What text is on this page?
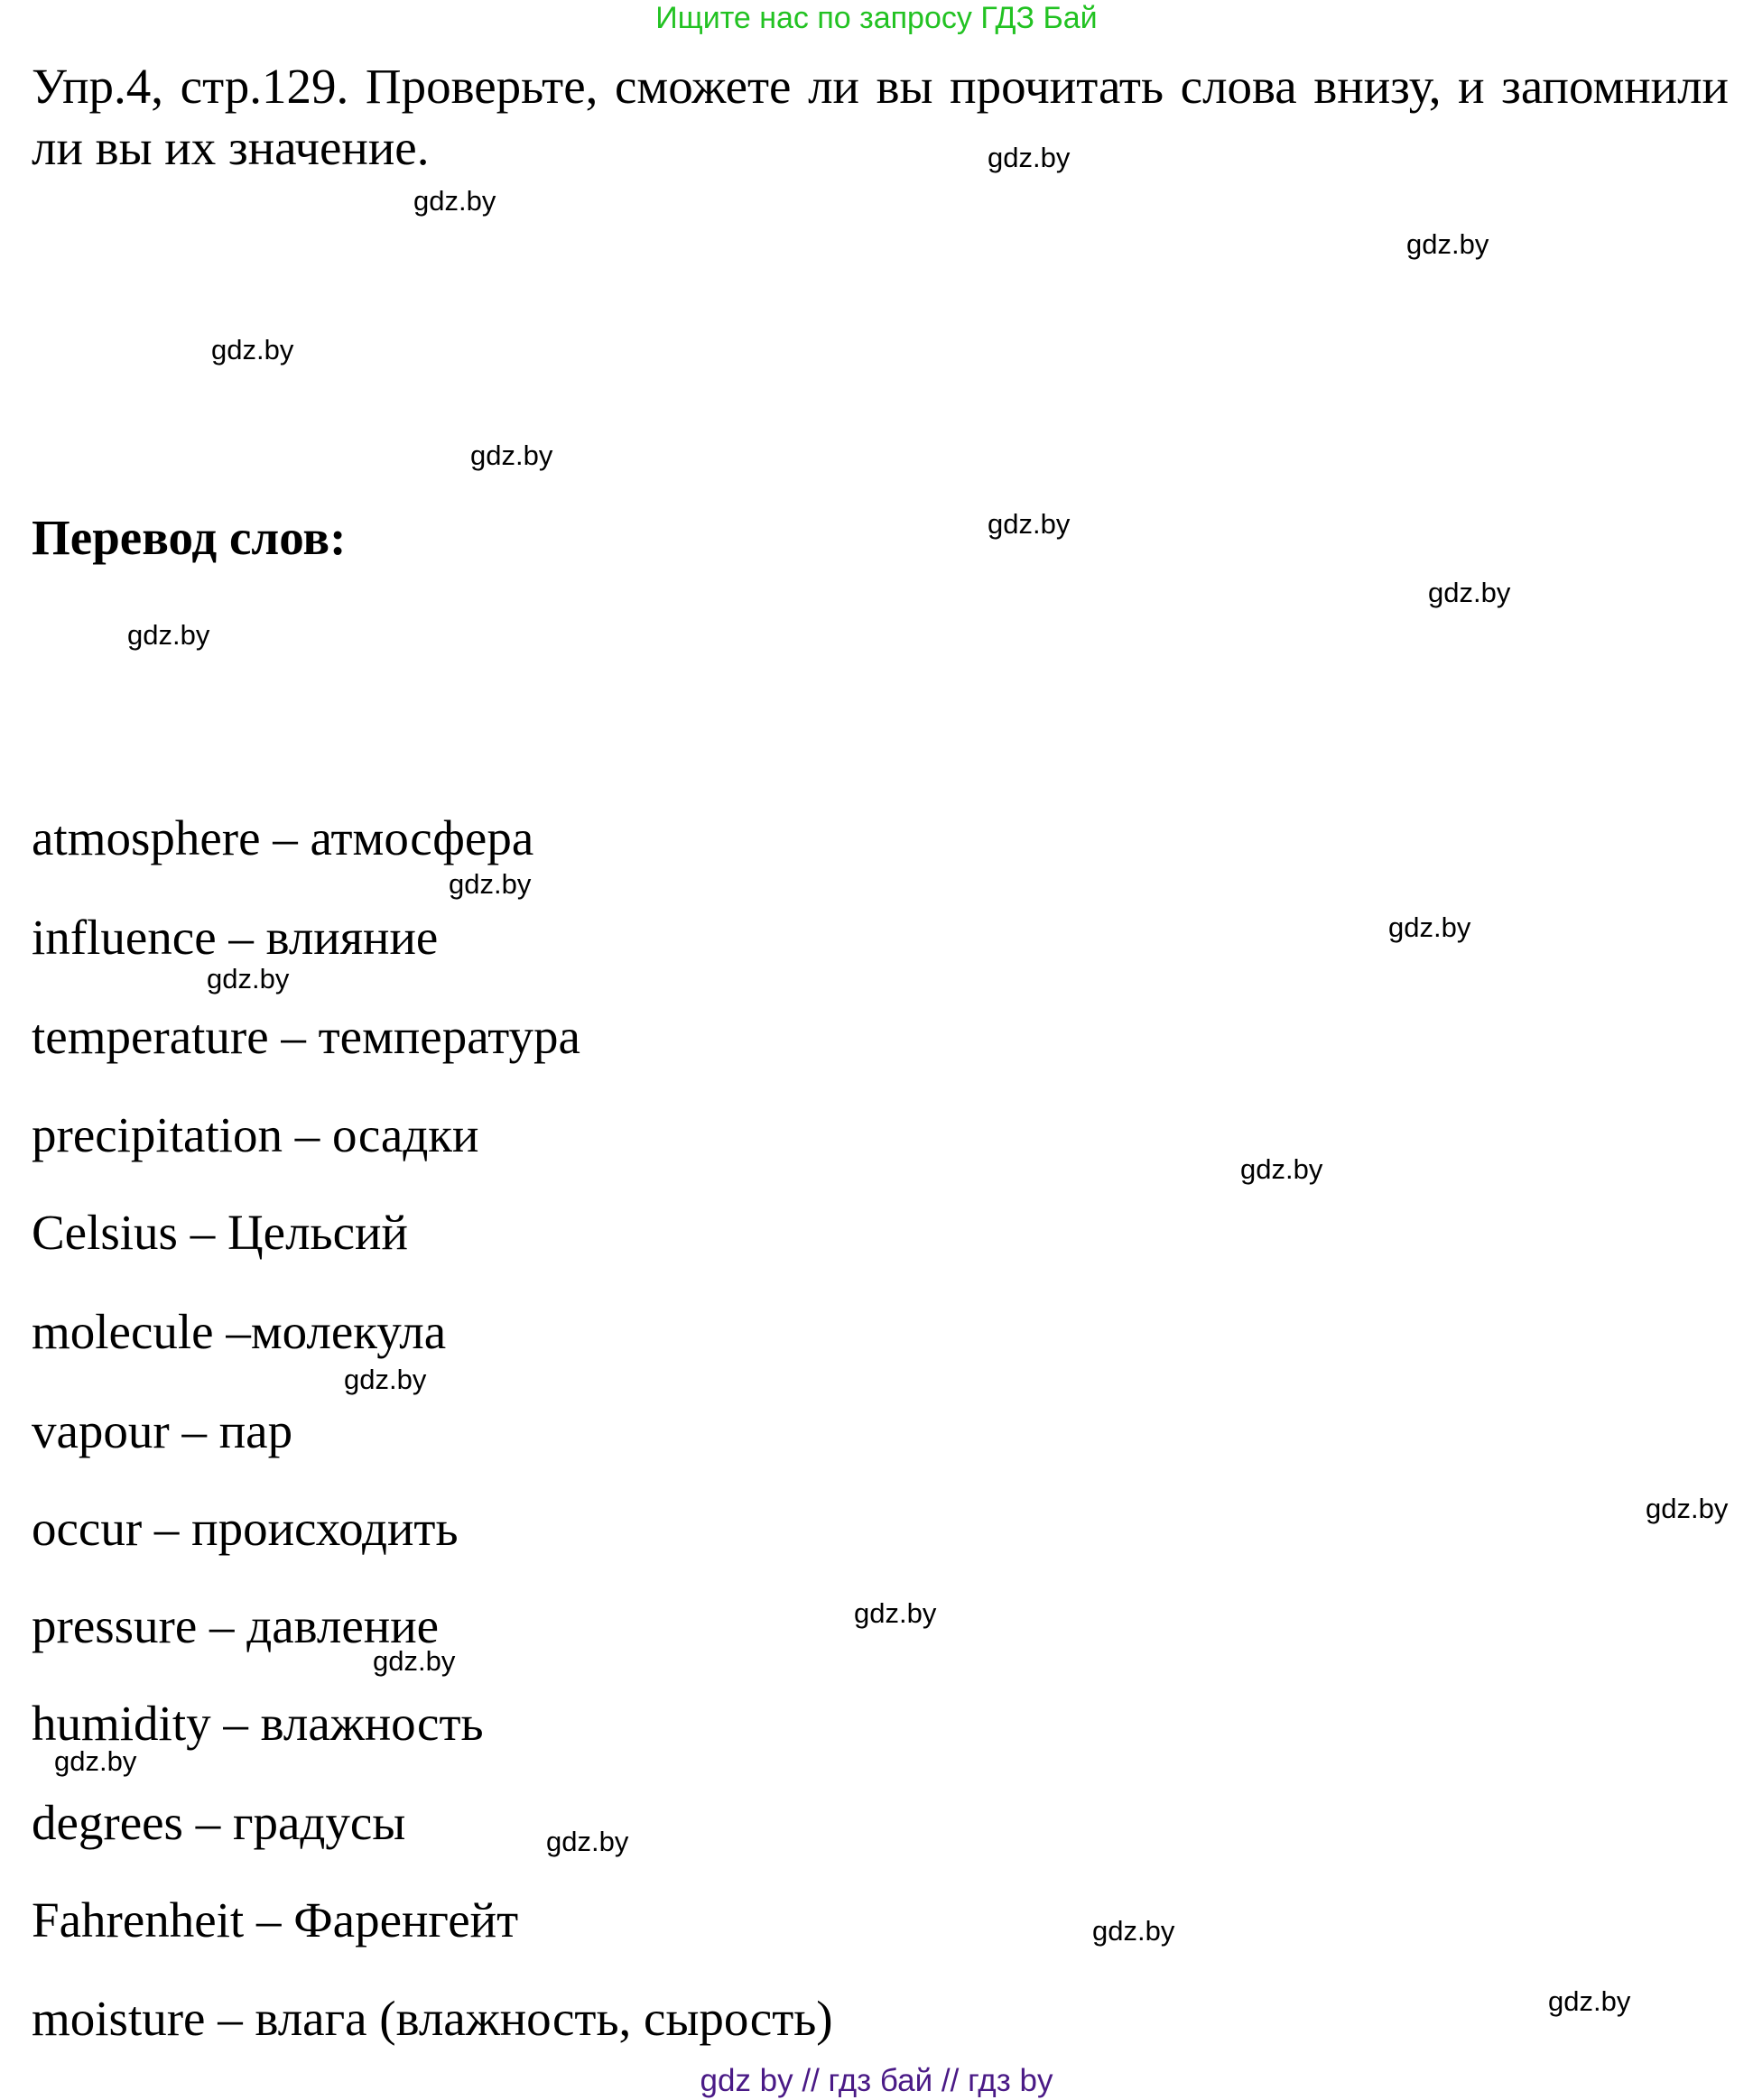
Ищите нас по запросу ГДЗ Бай
Упр.4, стр.129. Проверьте, сможете ли вы прочитать слова внизу, и запомнили ли вы их значение.
Перевод слов:
atmosphere – атмосфера
influence – влияние
temperature – температура
precipitation – осадки
Celsius – Цельсий
molecule –молекула
vapour – пар
occur – происходить
pressure – давление
humidity – влажность
degrees – градусы
Fahrenheit – Фаренгейт
moisture – влага (влажность, сырость)
gdz.by
gdz.by
gdz.by
gdz.by
gdz.by
gdz.by
gdz.by
gdz.by
gdz.by
gdz.by
gdz.by
gdz.by
gdz.by
gdz.by
gdz.by
gdz.by
gdz.by
gdz.by
gdz.by
gdz.by
gdz by // гдз бай // гдз by
